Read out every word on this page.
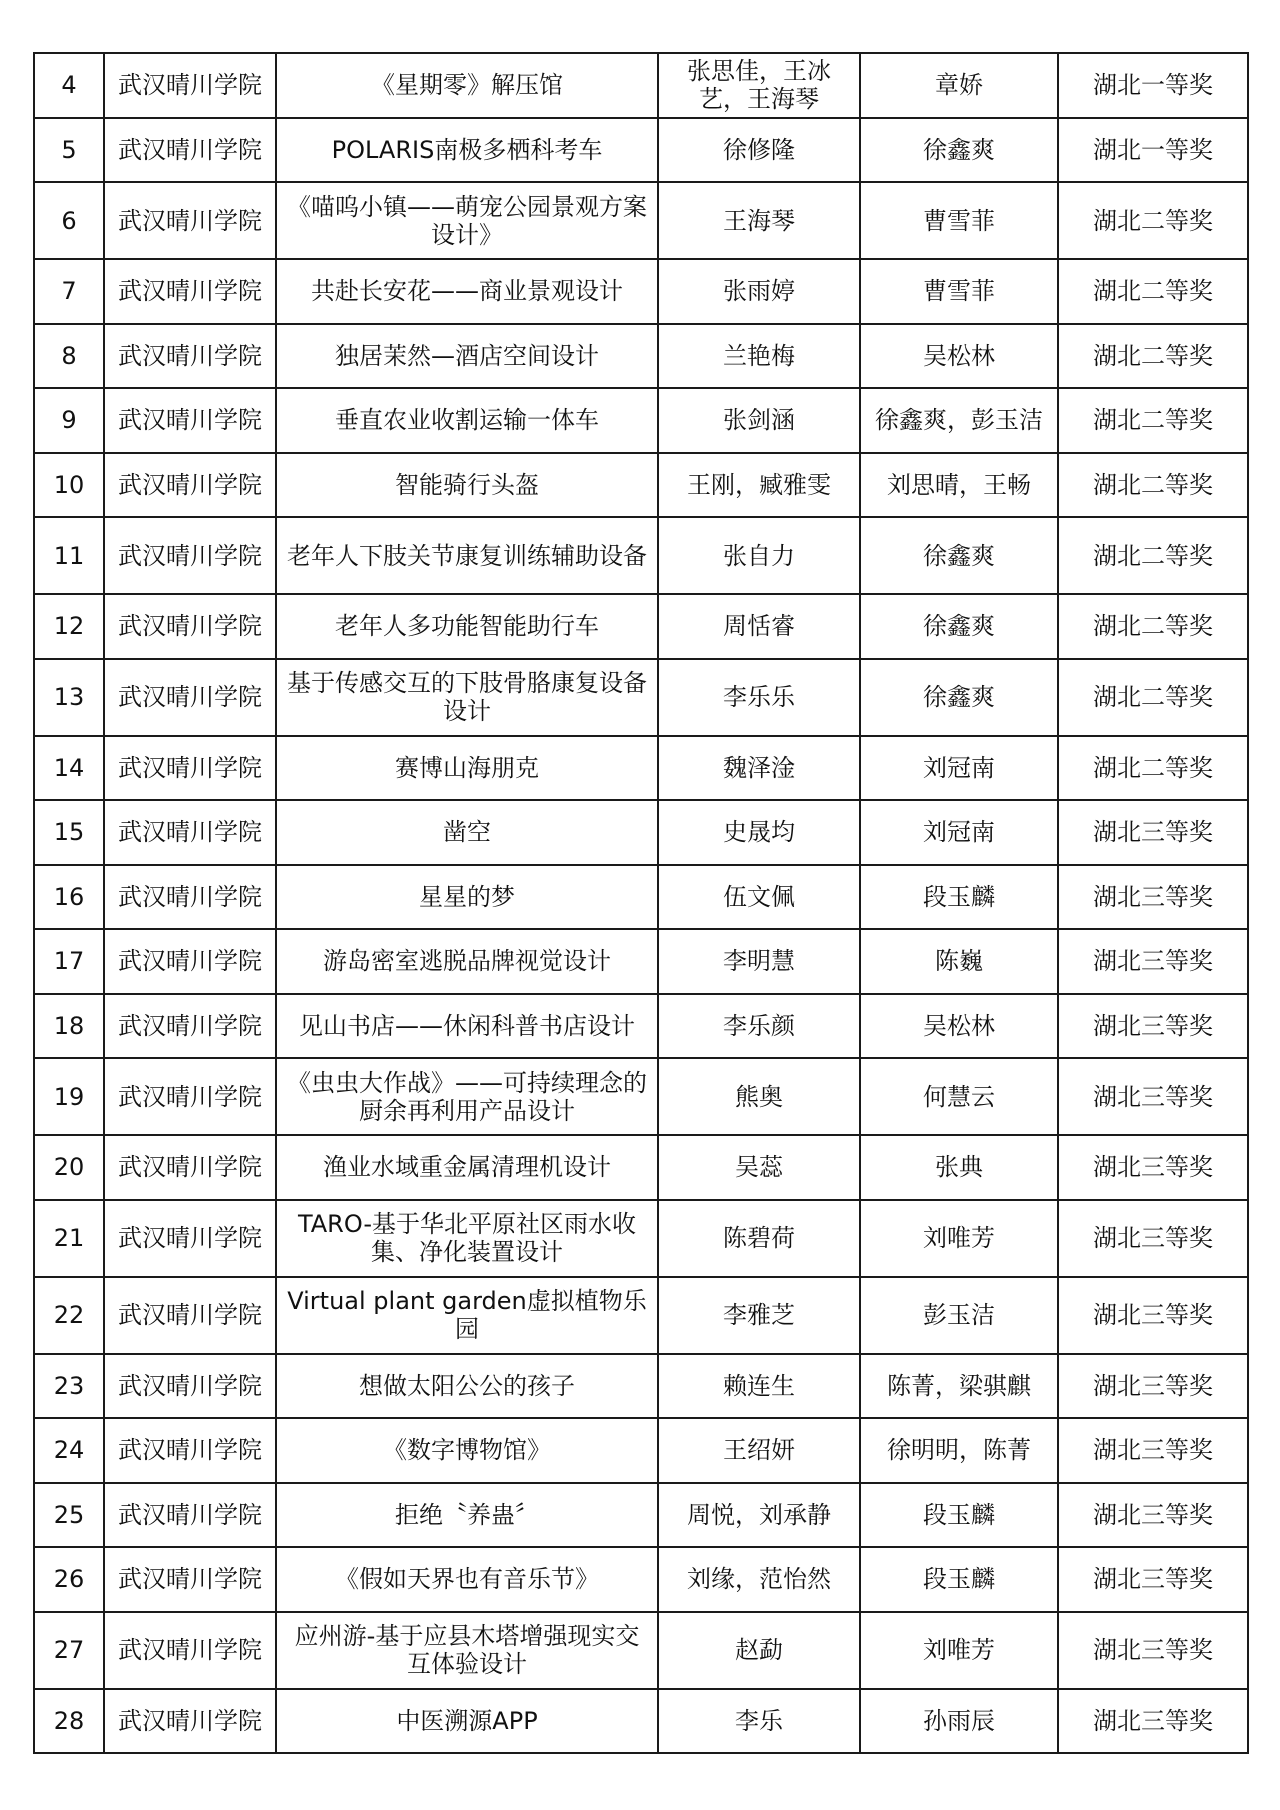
4	武汉晴川学院	《星期零》解压馆	张思佳，王冰艺，王海琴	章娇	湖北一等奖
5	武汉晴川学院	POLARIS南极多栖科考车	徐修隆	徐鑫爽	湖北一等奖
6	武汉晴川学院	《喵呜小镇——萌宠公园景观方案设计》	王海琴	曹雪菲	湖北二等奖
7	武汉晴川学院	共赴长安花——商业景观设计	张雨婷	曹雪菲	湖北二等奖
8	武汉晴川学院	独居茉然—酒店空间设计	兰艳梅	吴松林	湖北二等奖
9	武汉晴川学院	垂直农业收割运输一体车	张剑涵	徐鑫爽，彭玉洁	湖北二等奖
10	武汉晴川学院	智能骑行头盔	王刚，臧雅雯	刘思晴，王畅	湖北二等奖
11	武汉晴川学院	老年人下肢关节康复训练辅助设备	张自力	徐鑫爽	湖北二等奖
12	武汉晴川学院	老年人多功能智能助行车	周恬睿	徐鑫爽	湖北二等奖
13	武汉晴川学院	基于传感交互的下肢骨胳康复设备设计	李乐乐	徐鑫爽	湖北二等奖
14	武汉晴川学院	赛博山海朋克	魏泽淦	刘冠南	湖北二等奖
15	武汉晴川学院	凿空	史晟均	刘冠南	湖北三等奖
16	武汉晴川学院	星星的梦	伍文佩	段玉麟	湖北三等奖
17	武汉晴川学院	游岛密室逃脱品牌视觉设计	李明慧	陈巍	湖北三等奖
18	武汉晴川学院	见山书店——休闲科普书店设计	李乐颜	吴松林	湖北三等奖
19	武汉晴川学院	《虫虫大作战》——可持续理念的厨余再利用产品设计	熊奥	何慧云	湖北三等奖
20	武汉晴川学院	渔业水域重金属清理机设计	吴蕊	张典	湖北三等奖
21	武汉晴川学院	TARO-基于华北平原社区雨水收集、净化装置设计	陈碧荷	刘唯芳	湖北三等奖
22	武汉晴川学院	Virtual plant garden虚拟植物乐园	李雅芝	彭玉洁	湖北三等奖
23	武汉晴川学院	想做太阳公公的孩子	赖连生	陈菁，梁骐麒	湖北三等奖
24	武汉晴川学院	《数字博物馆》	王绍妍	徐明明，陈菁	湖北三等奖
25	武汉晴川学院	拒绝〝养蛊〞	周悦，刘承静	段玉麟	湖北三等奖
26	武汉晴川学院	《假如天界也有音乐节》	刘缘，范怡然	段玉麟	湖北三等奖
27	武汉晴川学院	应州游-基于应县木塔增强现实交互体验设计	赵勐	刘唯芳	湖北三等奖
28	武汉晴川学院	中医溯源APP	李乐	孙雨辰	湖北三等奖
